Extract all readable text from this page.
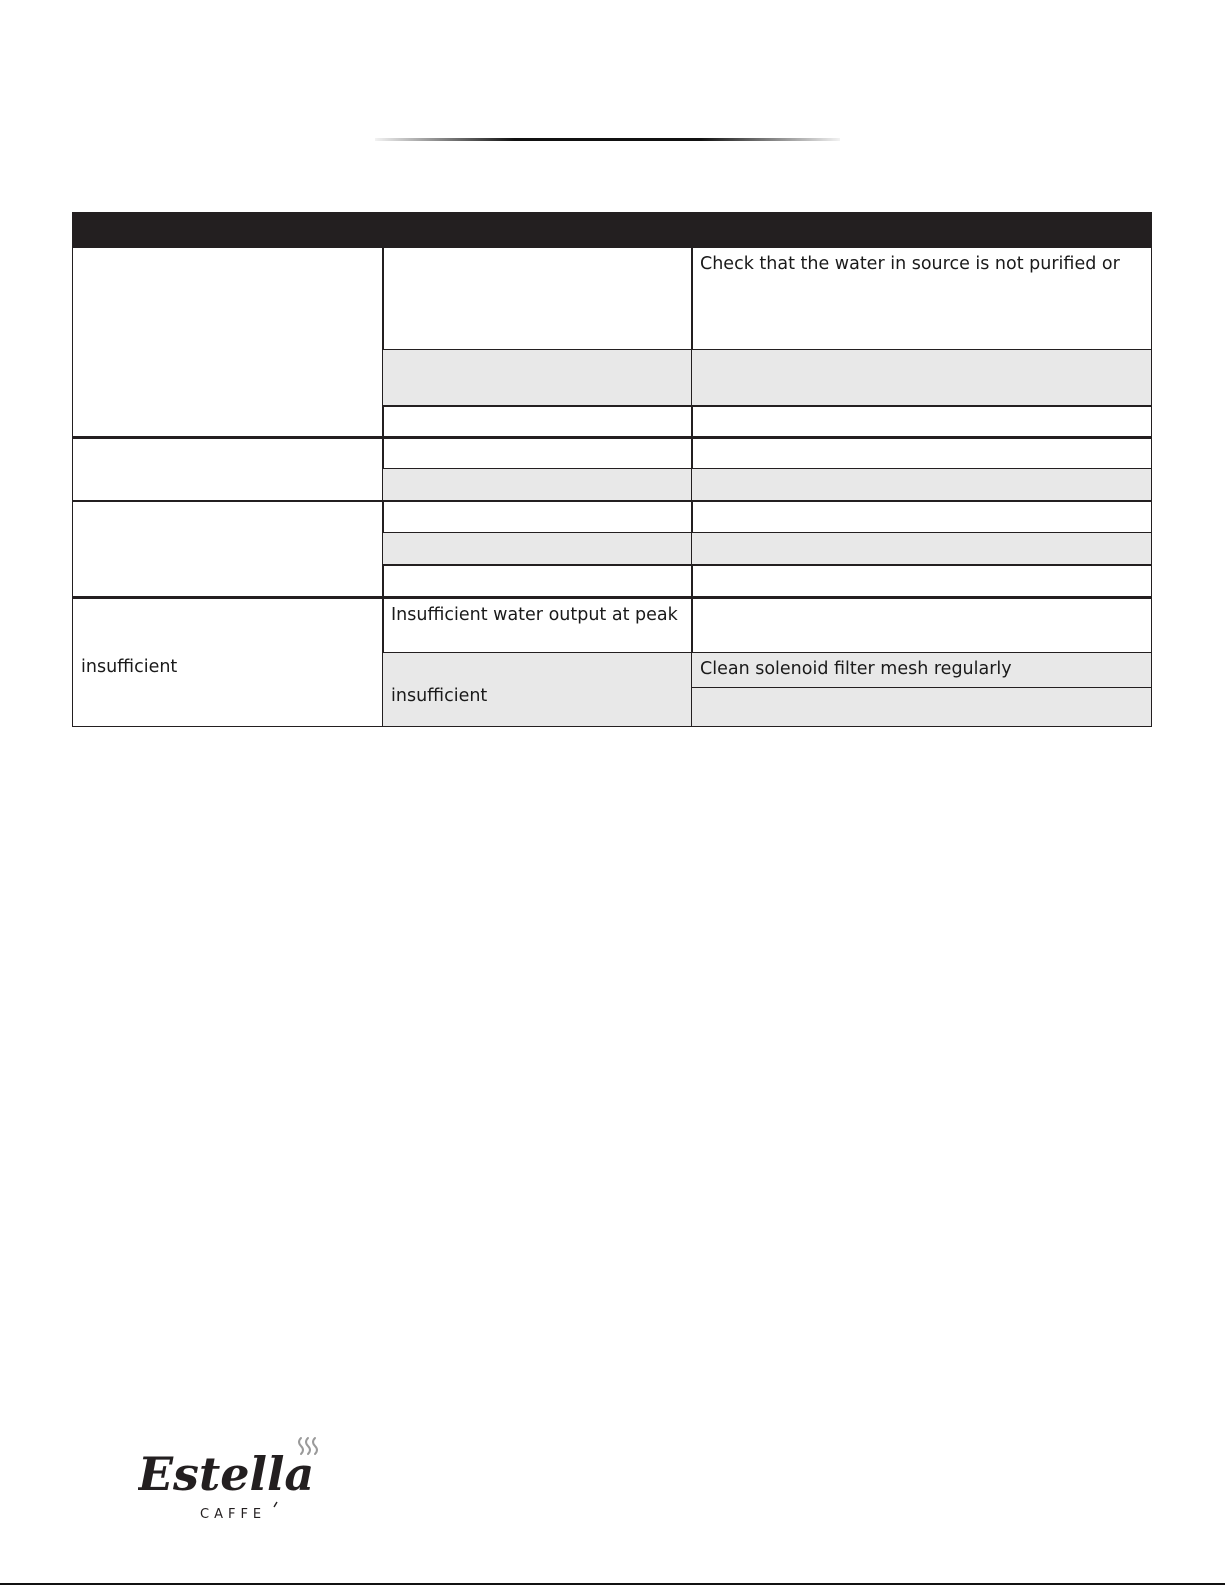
Check that the water in source is not purified or
insufficient
Insufficient water output at peak
insufficient
Clean solenoid filter mesh regularly
Estella
CAFFE
